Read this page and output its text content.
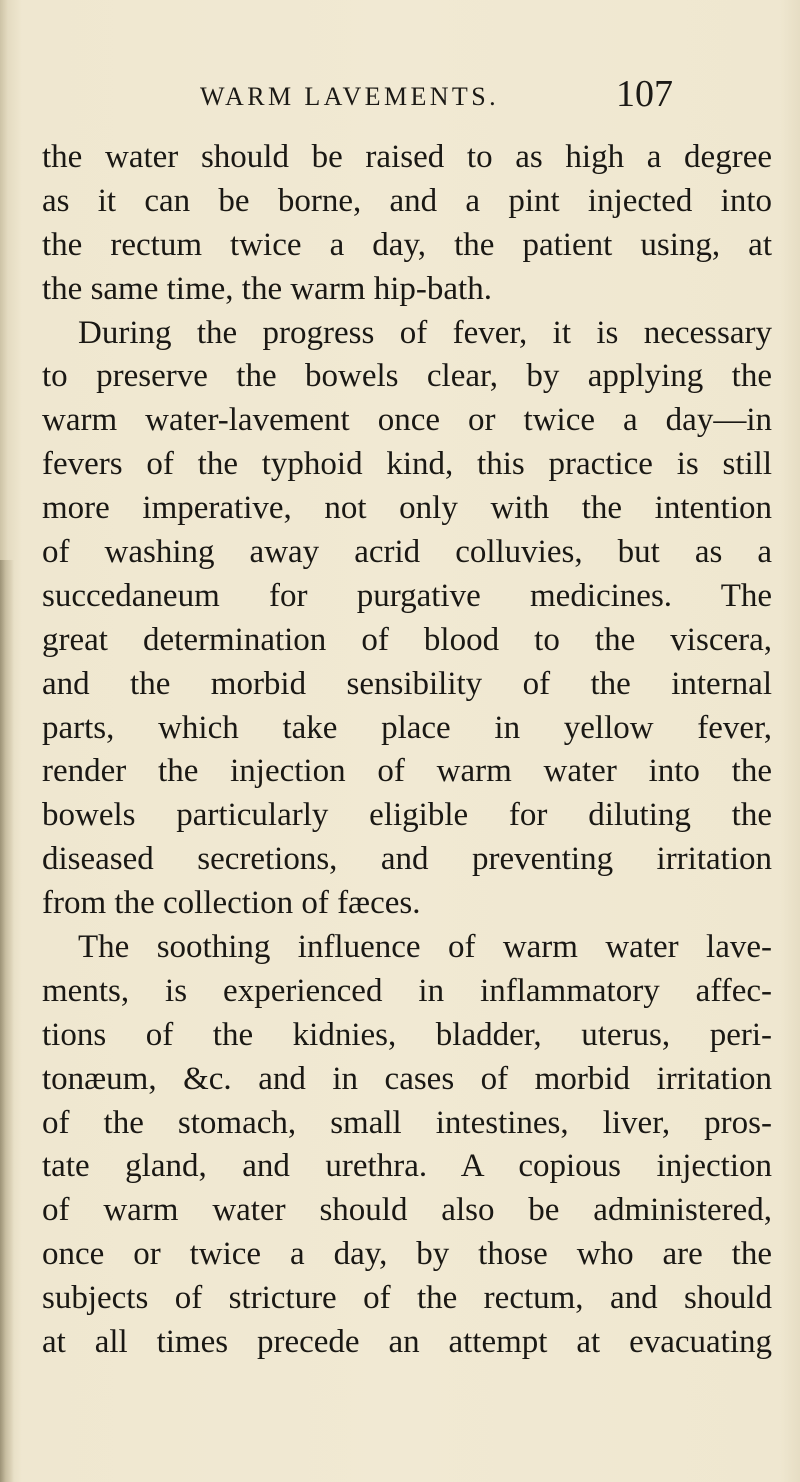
WARM LAVEMENTS.	107
the water should be raised to as high a degree
as it can be borne, and a pint injected into
the rectum twice a day, the patient using, at
the same time, the warm hip-bath.
During the progress of fever, it is necessary
to preserve the bowels clear, by applying the
warm water-lavement once or twice a day—in
fevers of the typhoid kind, this practice is still
more imperative, not only with the intention
of washing away acrid colluvies, but as a
succedaneum for purgative medicines. The
great determination of blood to the viscera,
and the morbid sensibility of the internal
parts, which take place in yellow fever,
render the injection of warm water into the
bowels particularly eligible for diluting the
diseased secretions, and preventing irritation
from the collection of fæces.
The soothing influence of warm water lave-
ments, is experienced in inflammatory affec-
tions of the kidnies, bladder, uterus, peri-
tonæum, &c. and in cases of morbid irritation
of the stomach, small intestines, liver, pros-
tate gland, and urethra. A copious injection
of warm water should also be administered,
once or twice a day, by those who are the
subjects of stricture of the rectum, and should
at all times precede an attempt at evacuating
